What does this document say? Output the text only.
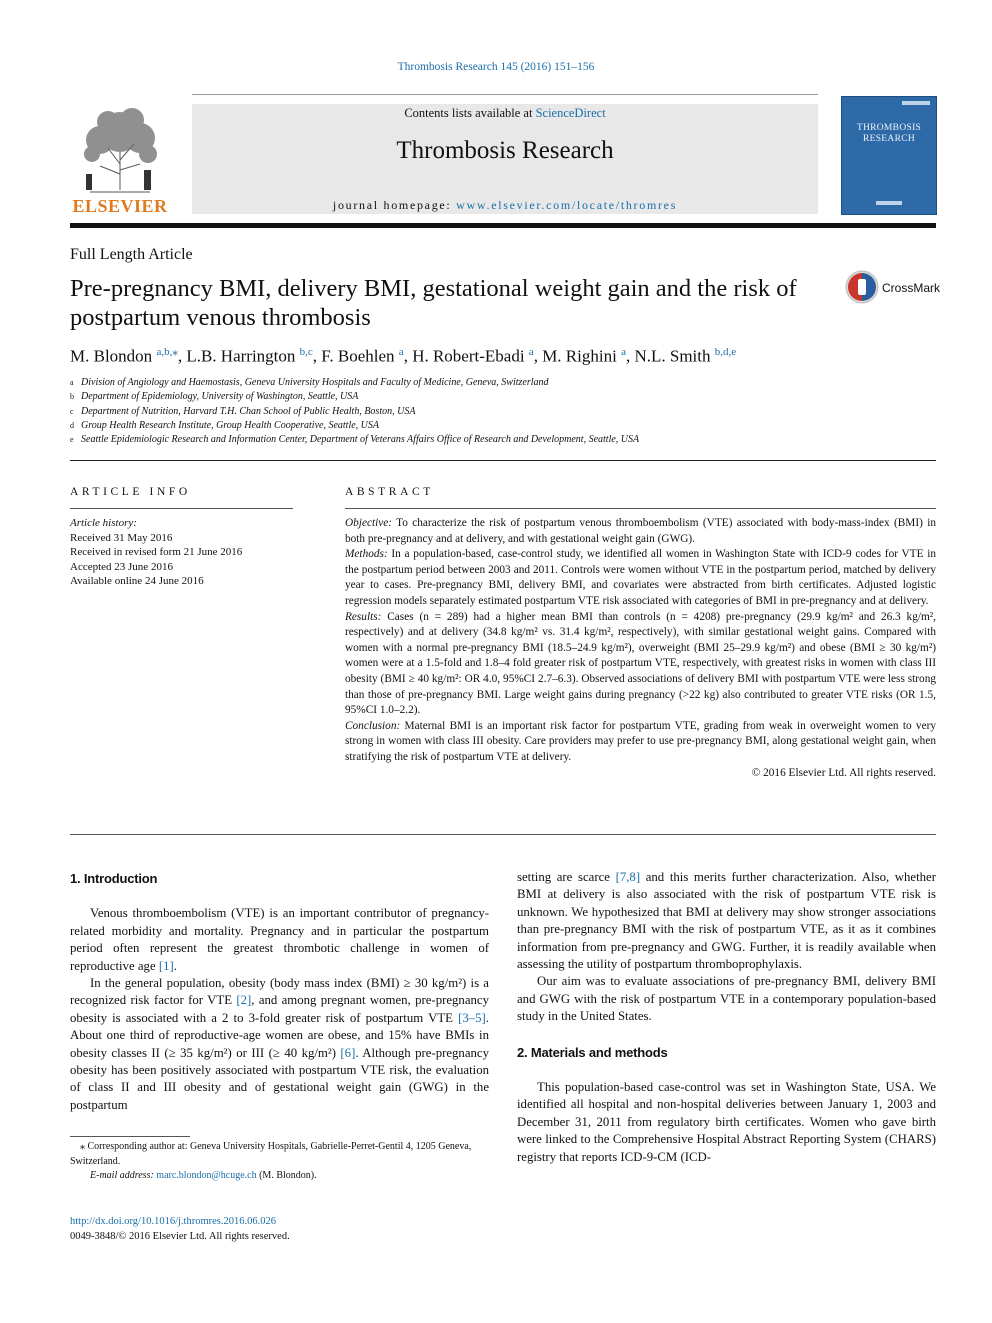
Thrombosis Research 145 (2016) 151–156
ELSEVIER
Contents lists available at ScienceDirect
Thrombosis Research
journal homepage: www.elsevier.com/locate/thromres
THROMBOSIS
RESEARCH
Full Length Article
Pre-pregnancy BMI, delivery BMI, gestational weight gain and the risk of postpartum venous thrombosis
CrossMark
M. Blondon $^{a,b,⁎}$, L.B. Harrington $^{b,c}$, F. Boehlen $^a$, H. Robert-Ebadi $^a$, M. Righini $^a$, N.L. Smith $^{b,d,e}$
a Division of Angiology and Haemostasis, Geneva University Hospitals and Faculty of Medicine, Geneva, Switzerland
b Department of Epidemiology, University of Washington, Seattle, USA
c Department of Nutrition, Harvard T.H. Chan School of Public Health, Boston, USA
d Group Health Research Institute, Group Health Cooperative, Seattle, USA
e Seattle Epidemiologic Research and Information Center, Department of Veterans Affairs Office of Research and Development, Seattle, USA
ARTICLE INFO
Article history:
Received 31 May 2016
Received in revised form 21 June 2016
Accepted 23 June 2016
Available online 24 June 2016
ABSTRACT

Objective: To characterize the risk of postpartum venous thromboembolism (VTE) associated with body-mass-index (BMI) in both pre-pregnancy and at delivery, and with gestational weight gain (GWG).

Methods: In a population-based, case-control study, we identified all women in Washington State with ICD-9 codes for VTE in the postpartum period between 2003 and 2011. Controls were women without VTE in the postpartum period, matched by delivery year to cases. Pre-pregnancy BMI, delivery BMI, and covariates were abstracted from birth certificates. Adjusted logistic regression models separately estimated postpartum VTE risk associated with categories of BMI in pre-pregnancy and at delivery.

Results: Cases (n = 289) had a higher mean BMI than controls (n = 4208) pre-pregnancy (29.9 kg/m² and 26.3 kg/m², respectively) and at delivery (34.8 kg/m² vs. 31.4 kg/m², respectively), with similar gestational weight gains. Compared with women with a normal pre-pregnancy BMI (18.5–24.9 kg/m²), overweight (BMI 25–29.9 kg/m²) and obese (BMI ≥ 30 kg/m²) women were at a 1.5-fold and 1.8–4 fold greater risk of postpartum VTE, respectively, with greatest risks in women with class III obesity (BMI ≥ 40 kg/m²: OR 4.0, 95%CI 2.7–6.3). Observed associations of delivery BMI with postpartum VTE were less strong than those of pre-pregnancy BMI. Large weight gains during pregnancy (>22 kg) also contributed to greater VTE risks (OR 1.5, 95%CI 1.0–2.2).

Conclusion: Maternal BMI is an important risk factor for postpartum VTE, grading from weak in overweight women to very strong in women with class III obesity. Care providers may prefer to use pre-pregnancy BMI, along gestational weight gain, when stratifying the risk of postpartum VTE at delivery.

© 2016 Elsevier Ltd. All rights reserved.

1. Introduction

Venous thromboembolism (VTE) is an important contributor of pregnancy-related morbidity and mortality. Pregnancy and in particular the postpartum period often represent the greatest thrombotic challenge in women of reproductive age [1].

In the general population, obesity (body mass index (BMI) ≥ 30 kg/m²) is a recognized risk factor for VTE [2], and among pregnant women, pre-pregnancy obesity is associated with a 2 to 3-fold greater risk of postpartum VTE [3–5]. About one third of reproductive-age women are obese, and 15% have BMIs in obesity classes II (≥ 35 kg/m²) or III (≥ 40 kg/m²) [6]. Although pre-pregnancy obesity has been positively associated with postpartum VTE risk, the evaluation of class II and III obesity and of gestational weight gain (GWG) in the postpartum

⁎ Corresponding author at: Geneva University Hospitals, Gabrielle-Perret-Gentil 4, 1205 Geneva, Switzerland.
E-mail address: marc.blondon@hcuge.ch (M. Blondon).
http://dx.doi.org/10.1016/j.thromres.2016.06.026
0049-3848/© 2016 Elsevier Ltd. All rights reserved.

setting are scarce [7,8] and this merits further characterization. Also, whether BMI at delivery is also associated with the risk of postpartum VTE risk is unknown. We hypothesized that BMI at delivery may show stronger associations than pre-pregnancy BMI with the risk of postpartum VTE, as it as it combines information from pre-pregnancy and GWG. Further, it is readily available when assessing the utility of postpartum thromboprophylaxis.

Our aim was to evaluate associations of pre-pregnancy BMI, delivery BMI and GWG with the risk of postpartum VTE in a contemporary population-based study in the United States.

2. Materials and methods

This population-based case-control was set in Washington State, USA. We identified all hospital and non-hospital deliveries between January 1, 2003 and December 31, 2011 from regulatory birth certificates. Women who gave birth were linked to the Comprehensive Hospital Abstract Reporting System (CHARS) registry that reports ICD-9-CM (ICD-
